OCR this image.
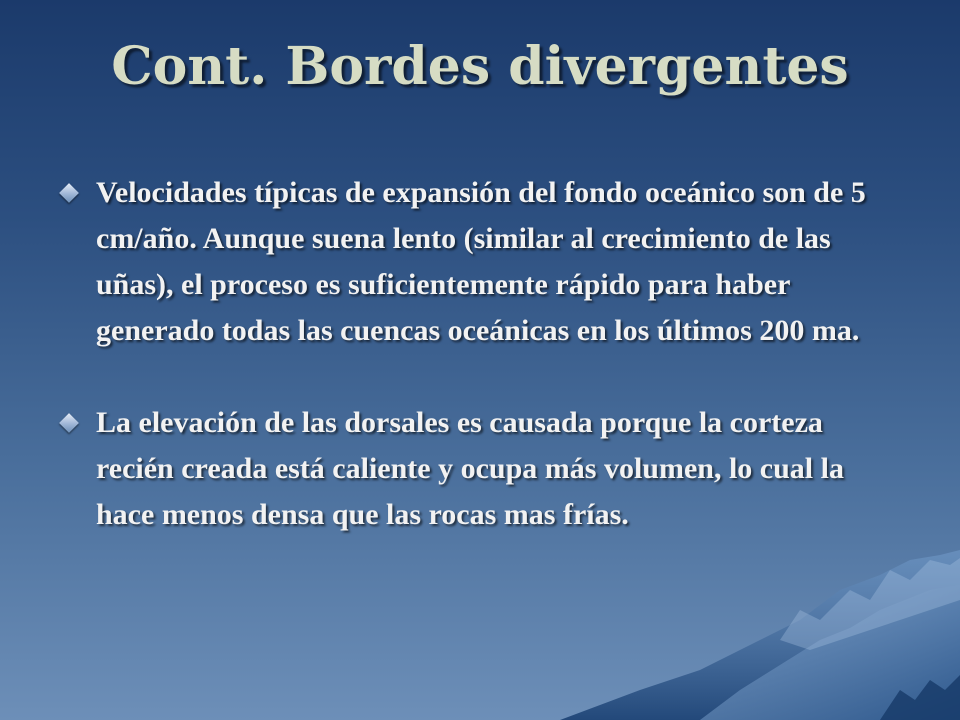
Cont. Bordes divergentes
Velocidades típicas de expansión del fondo oceánico son de 5 cm/año. Aunque suena lento (similar al crecimiento de las uñas), el proceso es suficientemente rápido para haber generado todas las cuencas oceánicas en los últimos 200 ma.
La elevación de las dorsales es causada porque la corteza recién creada está caliente y ocupa más volumen, lo cual la hace menos densa que las rocas mas frías.
